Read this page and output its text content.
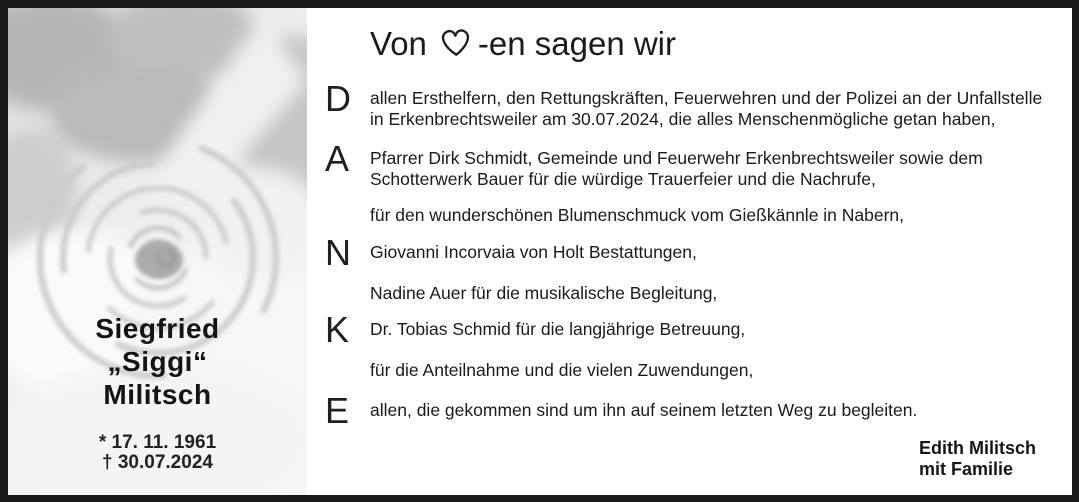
Siegfried
„Siggi“
Militsch
* 17. 11. 1961
† 30.07.2024
Von -en sagen wir
D	allen Ersthelfern, den Rettungskräften, Feuerwehren und der Polizei an der Unfallstelle
in Erkenbrechtsweiler am 30.07.2024, die alles Menschenmögliche getan haben,
A	Pfarrer Dirk Schmidt, Gemeinde und Feuerwehr Erkenbrechtsweiler sowie dem
Schotterwerk Bauer für die würdige Trauerfeier und die Nachrufe,
für den wunderschönen Blumenschmuck vom Gießkännle in Nabern,
N	Giovanni Incorvaia von Holt Bestattungen,
Nadine Auer für die musikalische Begleitung,
K	Dr. Tobias Schmid für die langjährige Betreuung,
für die Anteilnahme und die vielen Zuwendungen,
E	allen, die gekommen sind um ihn auf seinem letzten Weg zu begleiten.
Edith Militsch
mit Familie
